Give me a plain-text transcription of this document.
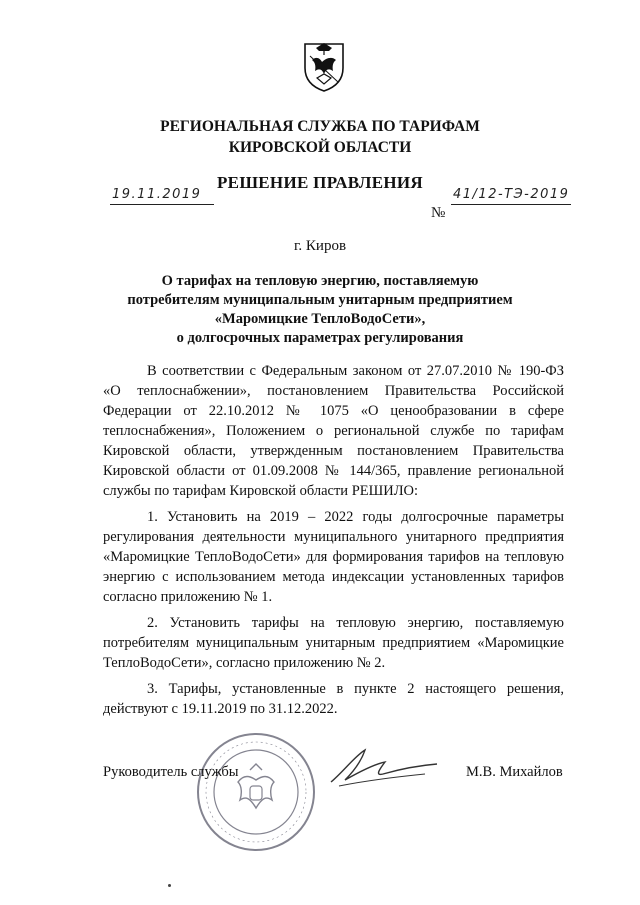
РЕГИОНАЛЬНАЯ СЛУЖБА ПО ТАРИФАМ
КИРОВСКОЙ ОБЛАСТИ
РЕШЕНИЕ ПРАВЛЕНИЯ
19.11.2019
№
41/12-ТЭ-2019
г. Киров
О тарифах на тепловую энергию, поставляемую
потребителям муниципальным унитарным предприятием
«Маромицкие ТеплоВодоСети»,
о долгосрочных параметрах регулирования

В соответствии с Федеральным законом от 27.07.2010 № 190-ФЗ «О теплоснабжении», постановлением Правительства Российской Федерации от 22.10.2012 № 1075 «О ценообразовании в сфере теплоснабжения», Положением о региональной службе по тарифам Кировской области, утвержденным постановлением Правительства Кировской области от 01.09.2008 № 144/365, правление региональной службы по тарифам Кировской области РЕШИЛО:

1. Установить на 2019 – 2022 годы долгосрочные параметры регулирования деятельности муниципального унитарного предприятия «Маромицкие ТеплоВодоСети» для формирования тарифов на тепловую энергию с использованием метода индексации установленных тарифов согласно приложению № 1.

2. Установить тарифы на тепловую энергию, поставляемую потребителям муниципальным унитарным предприятием «Маромицкие ТеплоВодоСети», согласно приложению № 2.

3. Тарифы, установленные в пункте 2 настоящего решения, действуют с 19.11.2019 по 31.12.2022.

Руководитель службы	М.В. Михайлов
